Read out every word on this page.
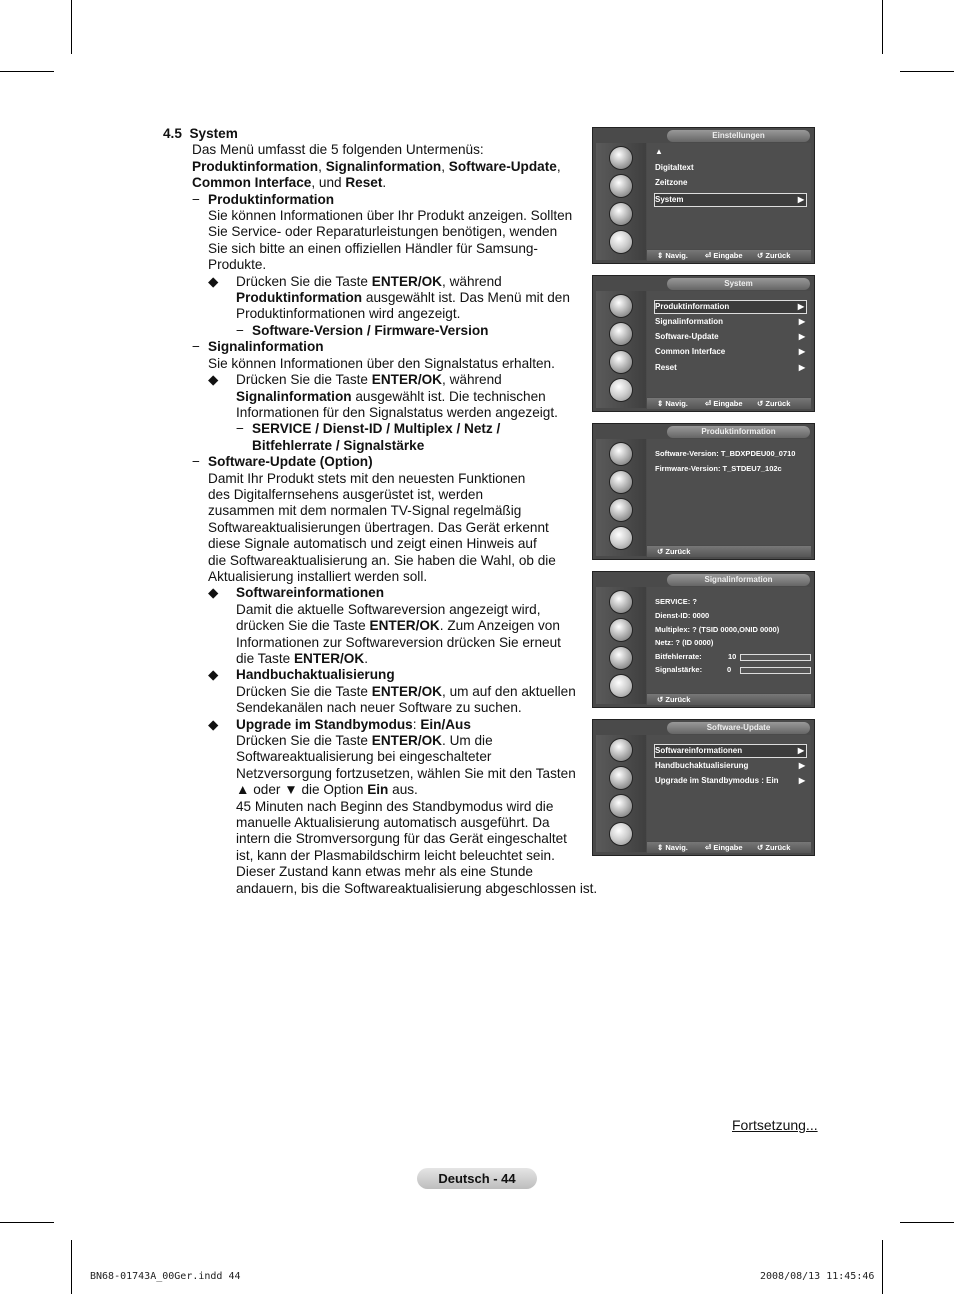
4.5 System

Das Menü umfasst die 5 folgenden Untermenüs:

Produktinformation, Signalinformation, Software-Update,

Common Interface, und Reset.

− Produktinformation

Sie können Informationen über Ihr Produkt anzeigen. Sollten

Sie Service- oder Reparaturleistungen benötigen, wenden

Sie sich bitte an einen offiziellen Händler für Samsung-

Produkte.

◆ Drücken Sie die Taste ENTER/OK, während

Produktinformation ausgewählt ist. Das Menü mit den

Produktinformationen wird angezeigt.

− Software-Version / Firmware-Version

− Signalinformation

Sie können Informationen über den Signalstatus erhalten.

◆ Drücken Sie die Taste ENTER/OK, während

Signalinformation ausgewählt ist. Die technischen

Informationen für den Signalstatus werden angezeigt.

− SERVICE / Dienst-ID / Multiplex / Netz /

Bitfehlerrate / Signalstärke

− Software-Update (Option)

Damit Ihr Produkt stets mit den neuesten Funktionen

des Digitalfernsehens ausgerüstet ist, werden

zusammen mit dem normalen TV-Signal regelmäßig

Softwareaktualisierungen übertragen. Das Gerät erkennt

diese Signale automatisch und zeigt einen Hinweis auf

die Softwareaktualisierung an. Sie haben die Wahl, ob die

Aktualisierung installiert werden soll.

◆ Softwareinformationen

Damit die aktuelle Softwareversion angezeigt wird,

drücken Sie die Taste ENTER/OK. Zum Anzeigen von

Informationen zur Softwareversion drücken Sie erneut

die Taste ENTER/OK.

◆ Handbuchaktualisierung

Drücken Sie die Taste ENTER/OK, um auf den aktuellen

Sendekanälen nach neuer Software zu suchen.

◆ Upgrade im Standbymodus: Ein/Aus

Drücken Sie die Taste ENTER/OK. Um die

Softwareaktualisierung bei eingeschalteter

Netzversorgung fortzusetzen, wählen Sie mit den Tasten

▲ oder ▼ die Option Ein aus.

45 Minuten nach Beginn des Standbymodus wird die

manuelle Aktualisierung automatisch ausgeführt. Da

intern die Stromversorgung für das Gerät eingeschaltet

ist, kann der Plasmabildschirm leicht beleuchtet sein.

Dieser Zustand kann etwas mehr als eine Stunde

andauern, bis die Softwareaktualisierung abgeschlossen ist.

Einstellungen
▲
Digitaltext
Zeitzone
System	▶
⇕ Navig. ⏎ Eingabe ↺ Zurück
System
Produktinformation	▶
Signalinformation	▶
Software-Update	▶
Common Interface	▶
Reset	▶
⇕ Navig. ⏎ Eingabe ↺ Zurück
Produktinformation
Software-Version: T_BDXPDEU00_0710
Firmware-Version: T_STDEU7_102c
↺ Zurück
Signalinformation
SERVICE: ?
Dienst-ID: 0000
Multiplex: ? (TSID 0000,ONID 0000)
Netz: ? (ID 0000)
Bitfehlerrate:	10
Signalstärke:	0
↺ Zurück
Software-Update
Softwareinformationen	▶
Handbuchaktualisierung	▶
Upgrade im Standbymodus : Ein	▶
⇕ Navig. ⏎ Eingabe ↺ Zurück
Fortsetzung...
Deutsch - 44
BN68-01743A_00Ger.indd 44	2008/08/13 11:45:46
